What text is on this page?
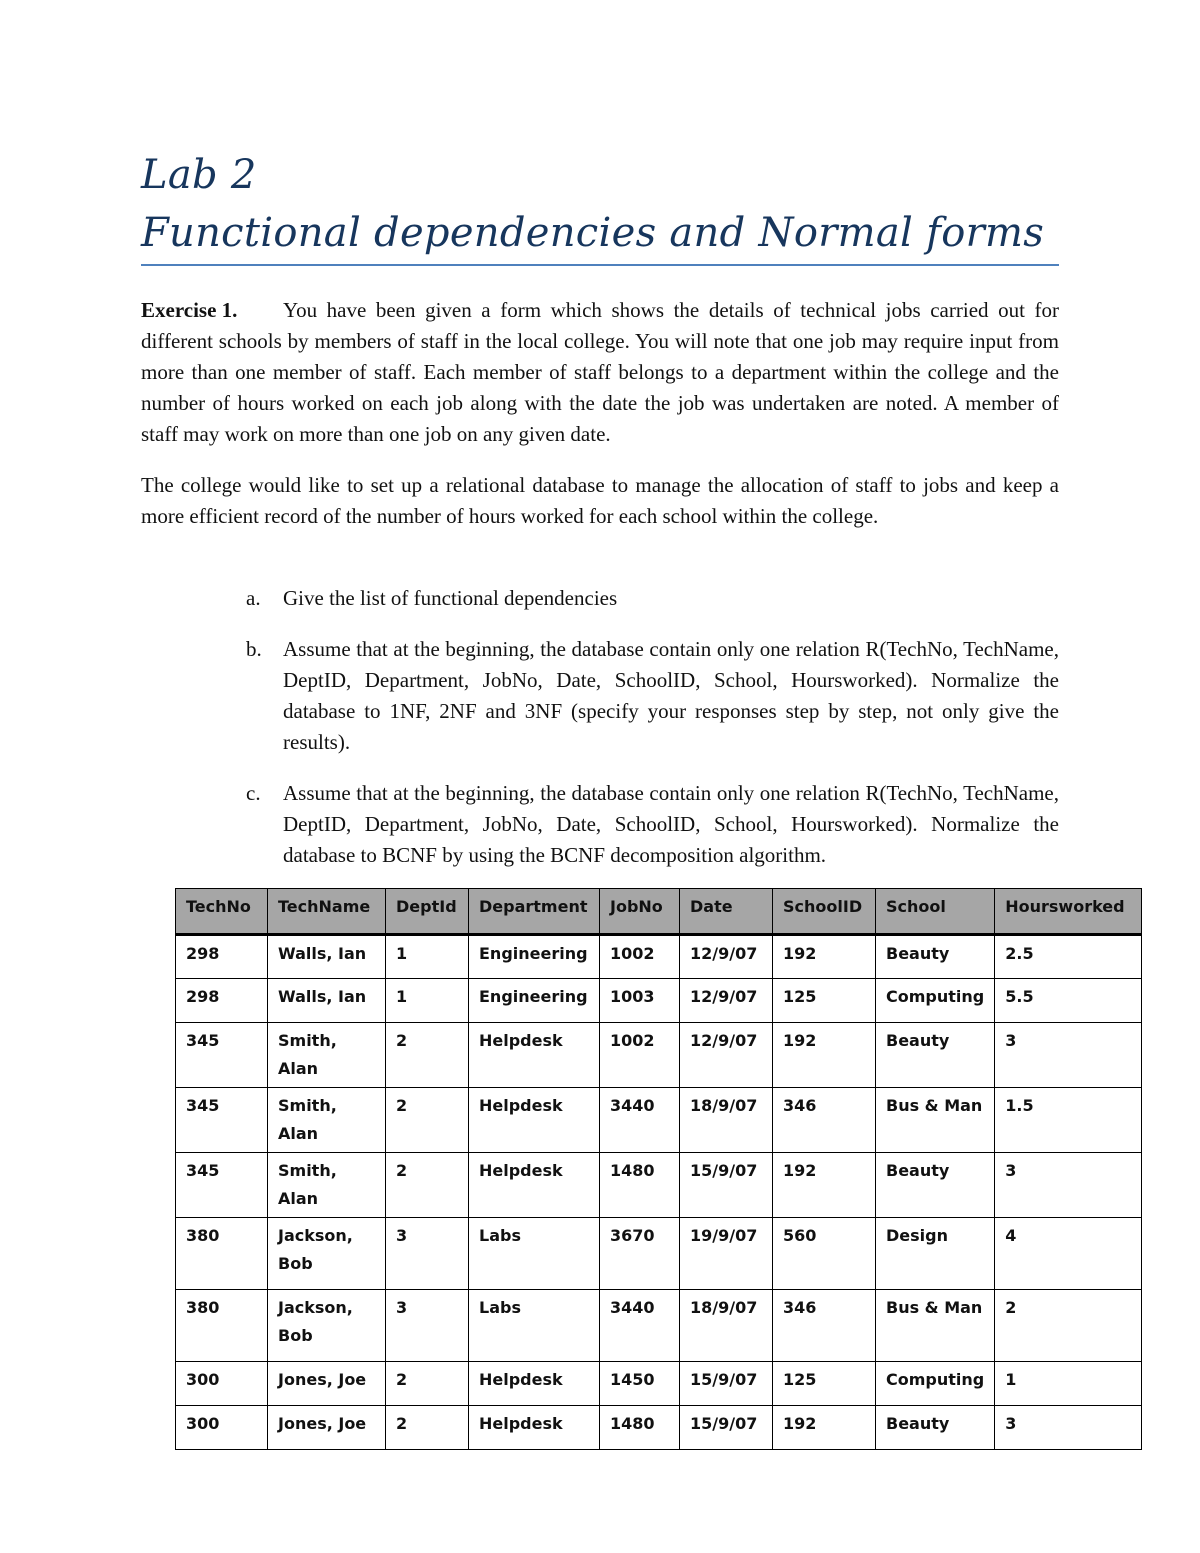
Lab 2
Functional dependencies and Normal forms

Exercise 1. You have been given a form which shows the details of technical jobs carried out for different schools by members of staff in the local college. You will note that one job may require input from more than one member of staff. Each member of staff belongs to a department within the college and the number of hours worked on each job along with the date the job was undertaken are noted. A member of staff may work on more than one job on any given date.

The college would like to set up a relational database to manage the allocation of staff to jobs and keep a more efficient record of the number of hours worked for each school within the college.

a. Give the list of functional dependencies
b. Assume that at the beginning, the database contain only one relation R(TechNo, TechName, DeptID, Department, JobNo, Date, SchoolID, School, Hoursworked). Normalize the database to 1NF, 2NF and 3NF (specify your responses step by step, not only give the results).
c. Assume that at the beginning, the database contain only one relation R(TechNo, TechName, DeptID, Department, JobNo, Date, SchoolID, School, Hoursworked). Normalize the database to BCNF by using the BCNF decomposition algorithm.
TechNo	TechName	DeptId	Department	JobNo	Date	SchoolID	School	Hoursworked
298	Walls, Ian	1	Engineering	1002	12/9/07	192	Beauty	2.5
298	Walls, Ian	1	Engineering	1003	12/9/07	125	Computing	5.5
345	Smith, Alan	2	Helpdesk	1002	12/9/07	192	Beauty	3
345	Smith, Alan	2	Helpdesk	3440	18/9/07	346	Bus & Man	1.5
345	Smith, Alan	2	Helpdesk	1480	15/9/07	192	Beauty	3
380	Jackson, Bob	3	Labs	3670	19/9/07	560	Design	4
380	Jackson, Bob	3	Labs	3440	18/9/07	346	Bus & Man	2
300	Jones, Joe	2	Helpdesk	1450	15/9/07	125	Computing	1
300	Jones, Joe	2	Helpdesk	1480	15/9/07	192	Beauty	3
